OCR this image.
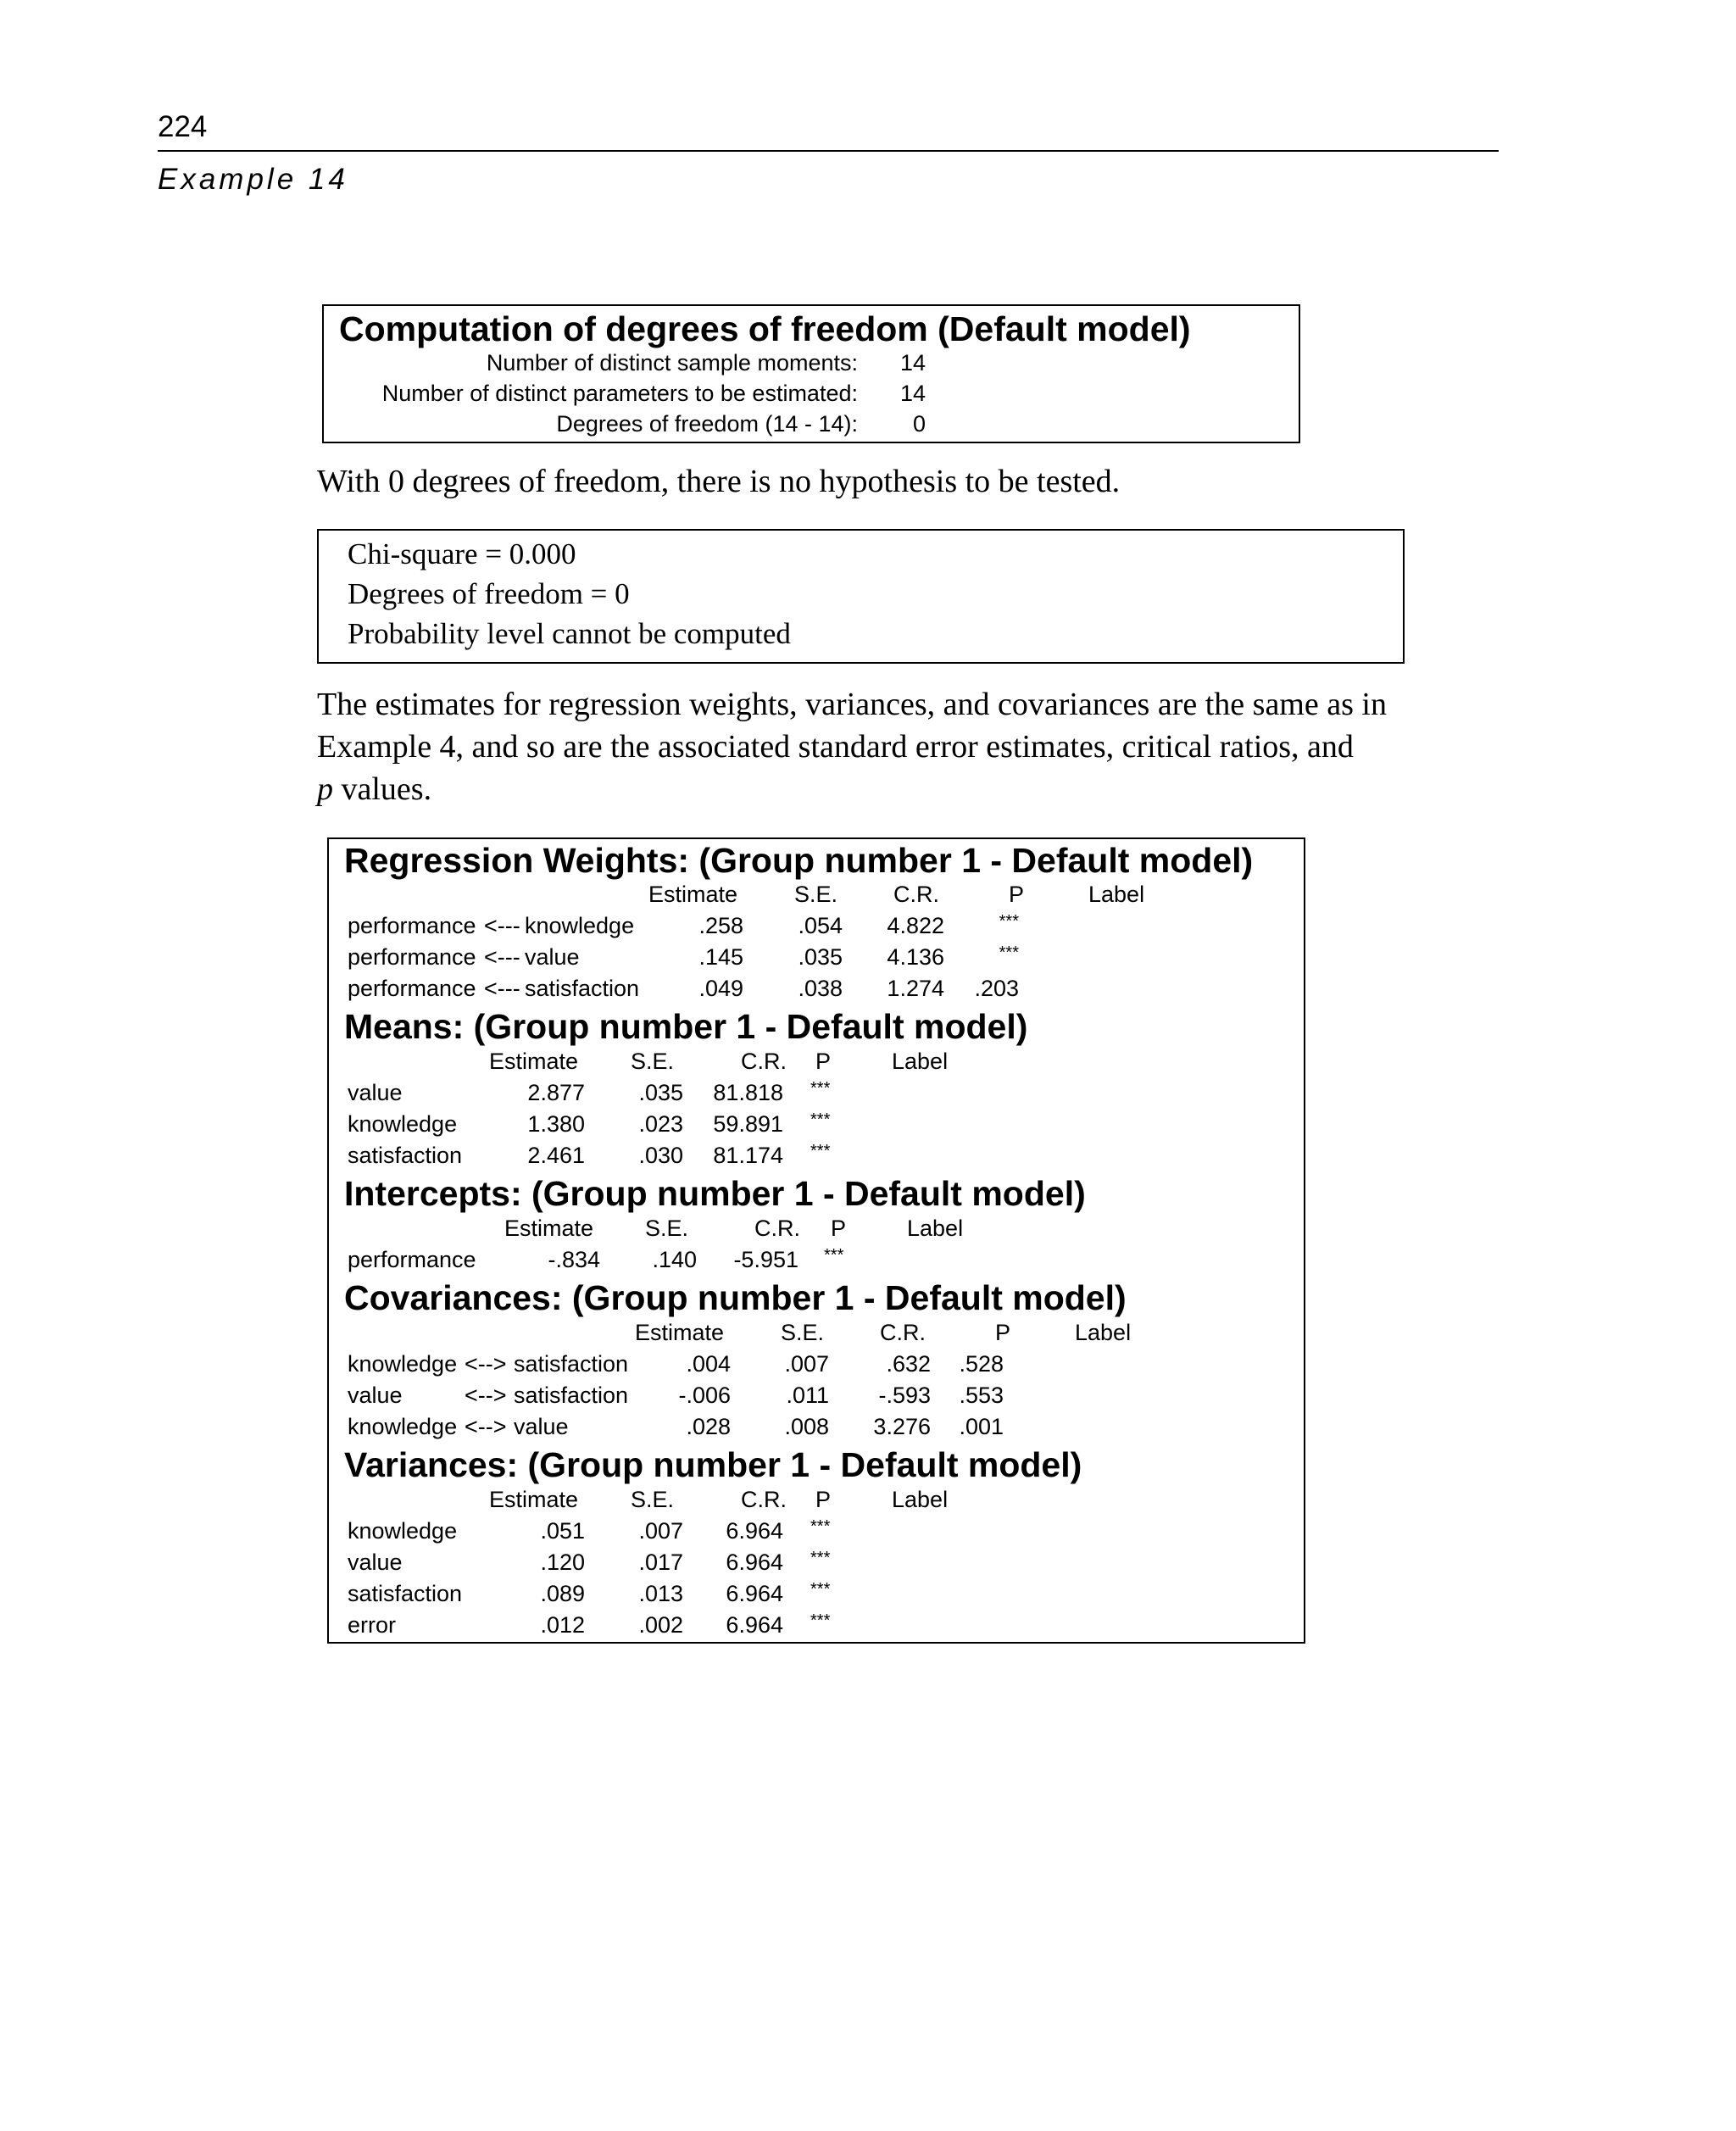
224
Example 14
Computation of degrees of freedom (Default model)
Number of distinct sample moments: 14
Number of distinct parameters to be estimated: 14
Degrees of freedom (14 - 14): 0
With 0 degrees of freedom, there is no hypothesis to be tested.
Chi-square = 0.000
Degrees of freedom = 0
Probability level cannot be computed
The estimates for regression weights, variances, and covariances are the same as in
Example 4, and so are the associated standard error estimates, critical ratios, and
p values.
Regression Weights: (Group number 1 - Default model)
Estimate S.E. C.R.	P	Label
performance <--- knowledge	.258 .054 4.822	***
performance <--- value	.145 .035 4.136	***
performance <--- satisfaction	.049 .038 1.274 .203
Means: (Group number 1 - Default model)
Estimate S.E.	C.R. P	Label
value	2.877 .035 81.818 ***
knowledge	1.380 .023 59.891 ***
satisfaction	2.461 .030 81.174 ***
Intercepts: (Group number 1 - Default model)
Estimate S.E.	C.R. P	Label
performance	-.834 .140 -5.951 ***
Covariances: (Group number 1 - Default model)
Estimate S.E. C.R.	P	Label
knowledge <--> satisfaction	.004 .007 .632 .528
value	<--> satisfaction -.006 .011 -.593 .553
knowledge <--> value	.028 .008 3.276 .001
Variances: (Group number 1 - Default model)
Estimate S.E.	C.R. P	Label
knowledge	.051 .007 6.964 ***
value	.120 .017 6.964 ***
satisfaction	.089 .013 6.964 ***
error	.012 .002 6.964 ***
